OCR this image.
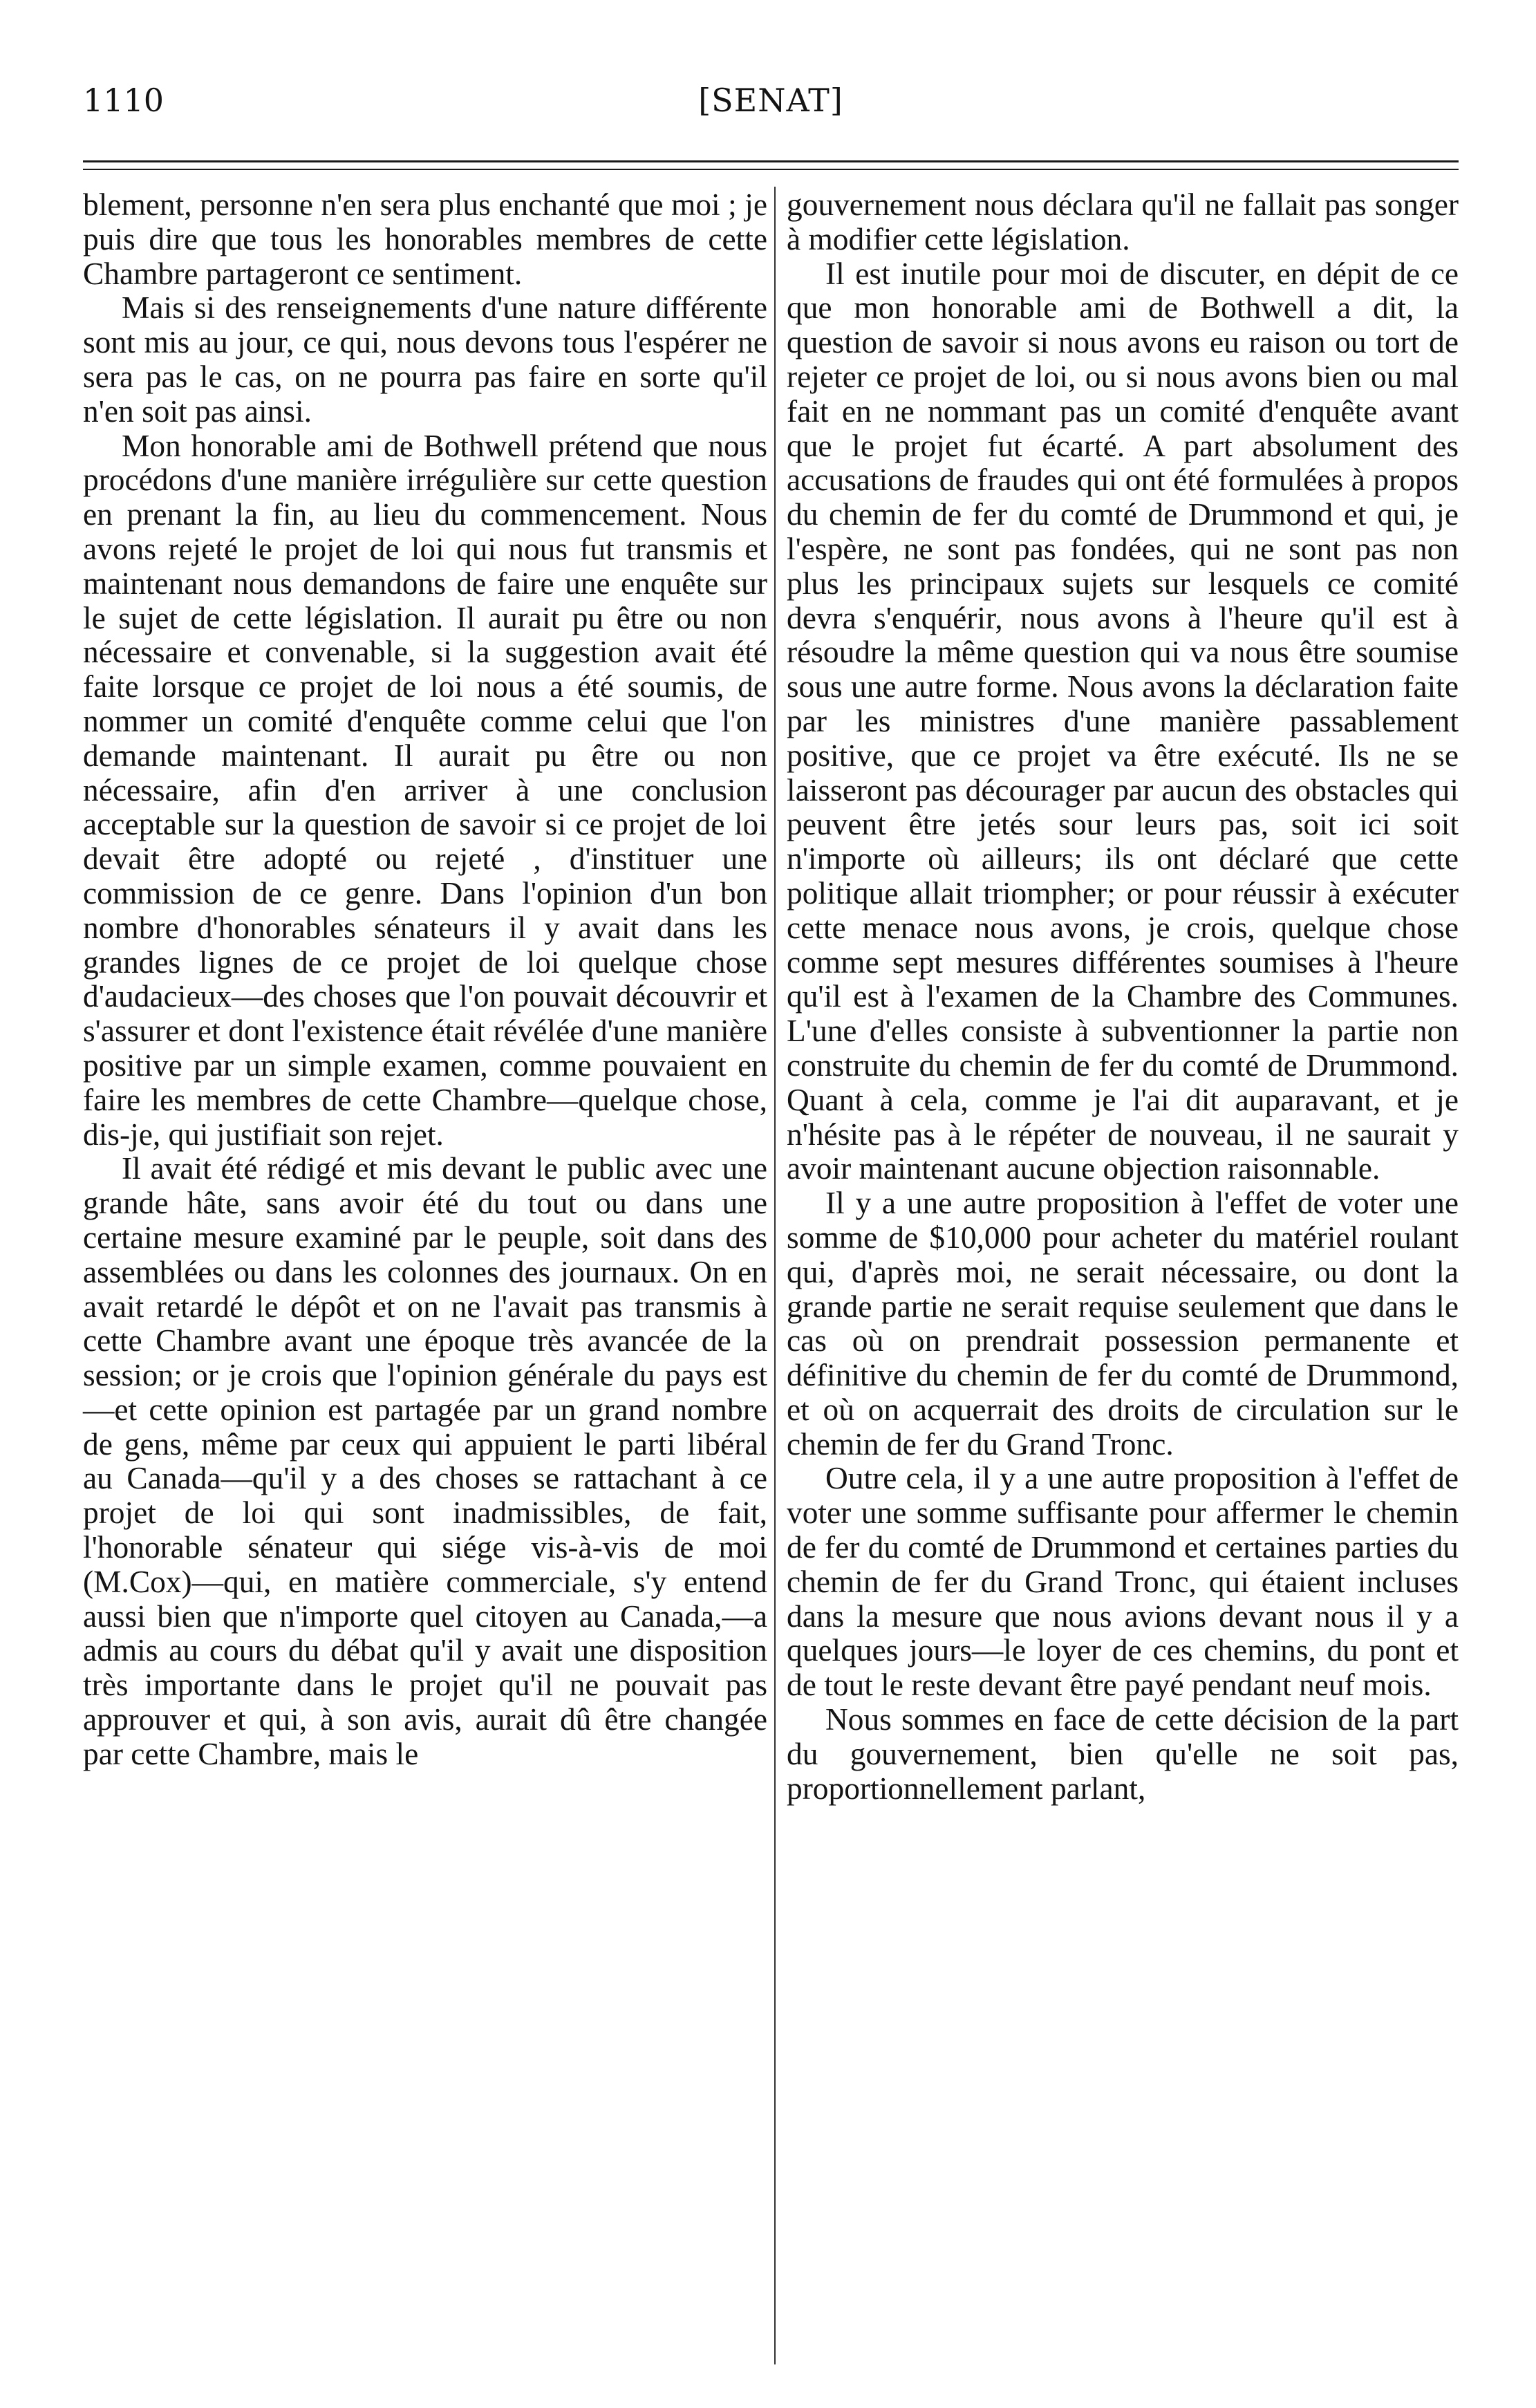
1110	[SENAT]

blement, personne n'en sera plus enchanté que moi ; je puis dire que tous les honorables membres de cette Chambre partageront ce sentiment.

Mais si des renseignements d'une nature différente sont mis au jour, ce qui, nous devons tous l'espérer ne sera pas le cas, on ne pourra pas faire en sorte qu'il n'en soit pas ainsi.

Mon honorable ami de Bothwell prétend que nous procédons d'une manière irrégulière sur cette question en prenant la fin, au lieu du commencement. Nous avons rejeté le projet de loi qui nous fut transmis et maintenant nous demandons de faire une enquête sur le sujet de cette législation. Il aurait pu être ou non nécessaire et convenable, si la suggestion avait été faite lorsque ce projet de loi nous a été soumis, de nommer un comité d'enquête comme celui que l'on demande maintenant. Il aurait pu être ou non nécessaire, afin d'en arriver à une conclusion acceptable sur la question de savoir si ce projet de loi devait être adopté ou rejeté , d'instituer une commission de ce genre. Dans l'opinion d'un bon nombre d'honorables sénateurs il y avait dans les grandes lignes de ce projet de loi quelque chose d'audacieux—des choses que l'on pouvait découvrir et s'assurer et dont l'existence était révélée d'une manière positive par un simple examen, comme pouvaient en faire les membres de cette Chambre—quelque chose, dis-je, qui justifiait son rejet.

Il avait été rédigé et mis devant le public avec une grande hâte, sans avoir été du tout ou dans une certaine mesure examiné par le peuple, soit dans des assemblées ou dans les colonnes des journaux. On en avait retardé le dépôt et on ne l'avait pas transmis à cette Chambre avant une époque très avancée de la session; or je crois que l'opinion générale du pays est—et cette opinion est partagée par un grand nombre de gens, même par ceux qui appuient le parti libéral au Canada—qu'il y a des choses se rattachant à ce projet de loi qui sont inadmissibles, de fait, l'honorable sénateur qui siége vis-à-vis de moi (M.Cox)—qui, en matière commerciale, s'y entend aussi bien que n'importe quel citoyen au Canada,—a admis au cours du débat qu'il y avait une disposition très importante dans le projet qu'il ne pouvait pas approuver et qui, à son avis, aurait dû être changée par cette Chambre, mais le

gouvernement nous déclara qu'il ne fallait pas songer à modifier cette législation.

Il est inutile pour moi de discuter, en dépit de ce que mon honorable ami de Bothwell a dit, la question de savoir si nous avons eu raison ou tort de rejeter ce projet de loi, ou si nous avons bien ou mal fait en ne nommant pas un comité d'enquête avant que le projet fut écarté. A part absolument des accusations de fraudes qui ont été formulées à propos du chemin de fer du comté de Drummond et qui, je l'espère, ne sont pas fondées, qui ne sont pas non plus les principaux sujets sur lesquels ce comité devra s'enquérir, nous avons à l'heure qu'il est à résoudre la même question qui va nous être soumise sous une autre forme. Nous avons la déclaration faite par les ministres d'une manière passablement positive, que ce projet va être exécuté. Ils ne se laisseront pas décourager par aucun des obstacles qui peuvent être jetés sour leurs pas, soit ici soit n'importe où ailleurs; ils ont déclaré que cette politique allait triompher; or pour réussir à exécuter cette menace nous avons, je crois, quelque chose comme sept mesures différentes soumises à l'heure qu'il est à l'examen de la Chambre des Communes. L'une d'elles consiste à subventionner la partie non construite du chemin de fer du comté de Drummond. Quant à cela, comme je l'ai dit auparavant, et je n'hésite pas à le répéter de nouveau, il ne saurait y avoir maintenant aucune objection raisonnable.

Il y a une autre proposition à l'effet de voter une somme de $10,000 pour acheter du matériel roulant qui, d'après moi, ne serait nécessaire, ou dont la grande partie ne serait requise seulement que dans le cas où on prendrait possession permanente et définitive du chemin de fer du comté de Drummond, et où on acquerrait des droits de circulation sur le chemin de fer du Grand Tronc.

Outre cela, il y a une autre proposition à l'effet de voter une somme suffisante pour affermer le chemin de fer du comté de Drummond et certaines parties du chemin de fer du Grand Tronc, qui étaient incluses dans la mesure que nous avions devant nous il y a quelques jours—le loyer de ces chemins, du pont et de tout le reste devant être payé pendant neuf mois.

Nous sommes en face de cette décision de la part du gouvernement, bien qu'elle ne soit pas, proportionnellement parlant,
